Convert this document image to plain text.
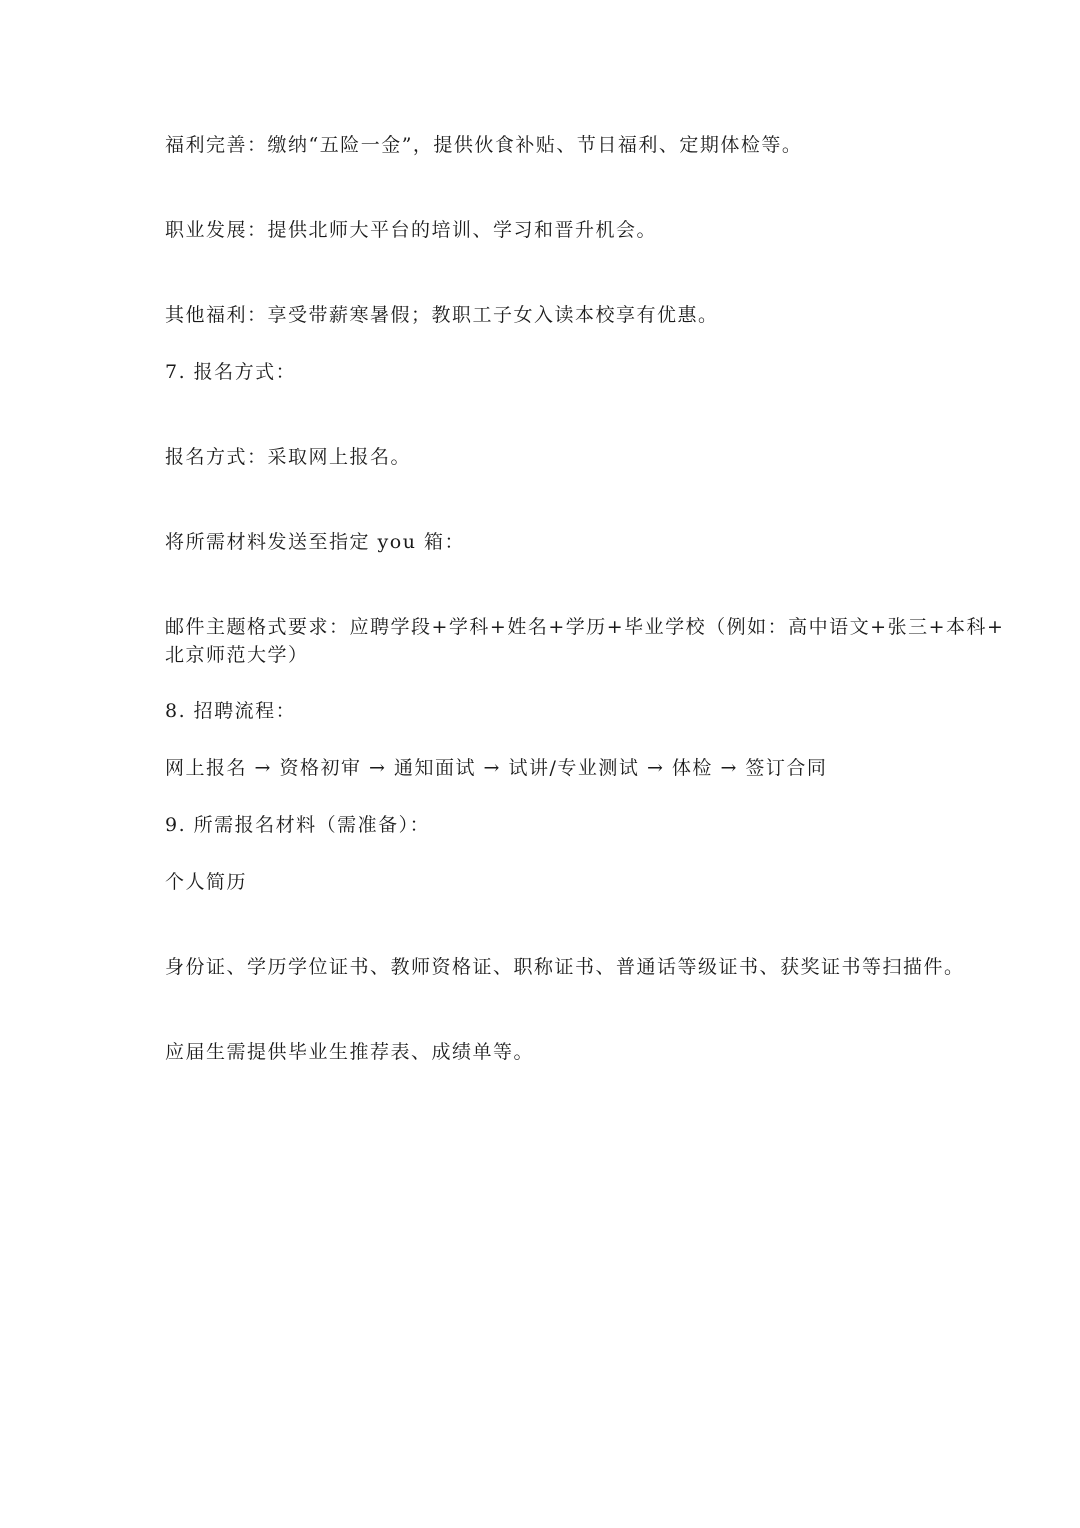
福利完善：缴纳“五险一金”，提供伙食补贴、节日福利、定期体检等。
职业发展：提供北师大平台的培训、学习和晋升机会。
其他福利：享受带薪寒暑假；教职工子女入读本校享有优惠。
7. 报名方式：
报名方式：采取网上报名。
将所需材料发送至指定 you 箱：
邮件主题格式要求：应聘学段+学科+姓名+学历+毕业学校（例如：高中语文+张三+本科+
北京师范大学）
8. 招聘流程：
网上报名 → 资格初审 → 通知面试 → 试讲/专业测试 → 体检 → 签订合同
9. 所需报名材料（需准备）：
个人简历
身份证、学历学位证书、教师资格证、职称证书、普通话等级证书、获奖证书等扫描件。
应届生需提供毕业生推荐表、成绩单等。
